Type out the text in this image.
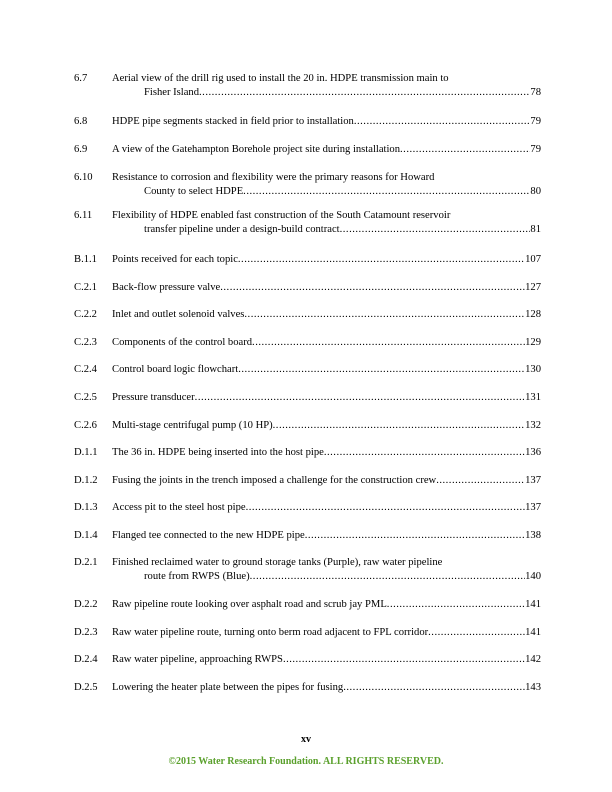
6.7 Aerial view of the drill rig used to install the 20 in. HDPE transmission main to
Fisher Island .....	78
6.8 HDPE pipe segments stacked in field prior to installation .....	79
6.9 A view of the Gatehampton Borehole project site during installation .....	79
6.10 Resistance to corrosion and flexibility were the primary reasons for Howard
County to select HDPE .....	80
6.11 Flexibility of HDPE enabled fast construction of the South Catamount reservoir
transfer pipeline under a design-build contract .....	81
B.1.1 Points received for each topic .....	107
C.2.1 Back-flow pressure valve .....	127
C.2.2 Inlet and outlet solenoid valves .....	128
C.2.3 Components of the control board .....	129
C.2.4 Control board logic flowchart .....	130
C.2.5 Pressure transducer .....	131
C.2.6 Multi-stage centrifugal pump (10 HP) .....	132
D.1.1 The 36 in. HDPE being inserted into the host pipe .....	136
D.1.2 Fusing the joints in the trench imposed a challenge for the construction crew .....	137
D.1.3 Access pit to the steel host pipe .....	137
D.1.4 Flanged tee connected to the new HDPE pipe .....	138
D.2.1 Finished reclaimed water to ground storage tanks (Purple), raw water pipeline
route from RWPS (Blue) .....	140
D.2.2 Raw pipeline route looking over asphalt road and scrub jay PML .....	141
D.2.3 Raw water pipeline route, turning onto berm road adjacent to FPL corridor .....	141
D.2.4 Raw water pipeline, approaching RWPS .....	142
D.2.5 Lowering the heater plate between the pipes for fusing .....	143
xv
©2015 Water Research Foundation. ALL RIGHTS RESERVED.
